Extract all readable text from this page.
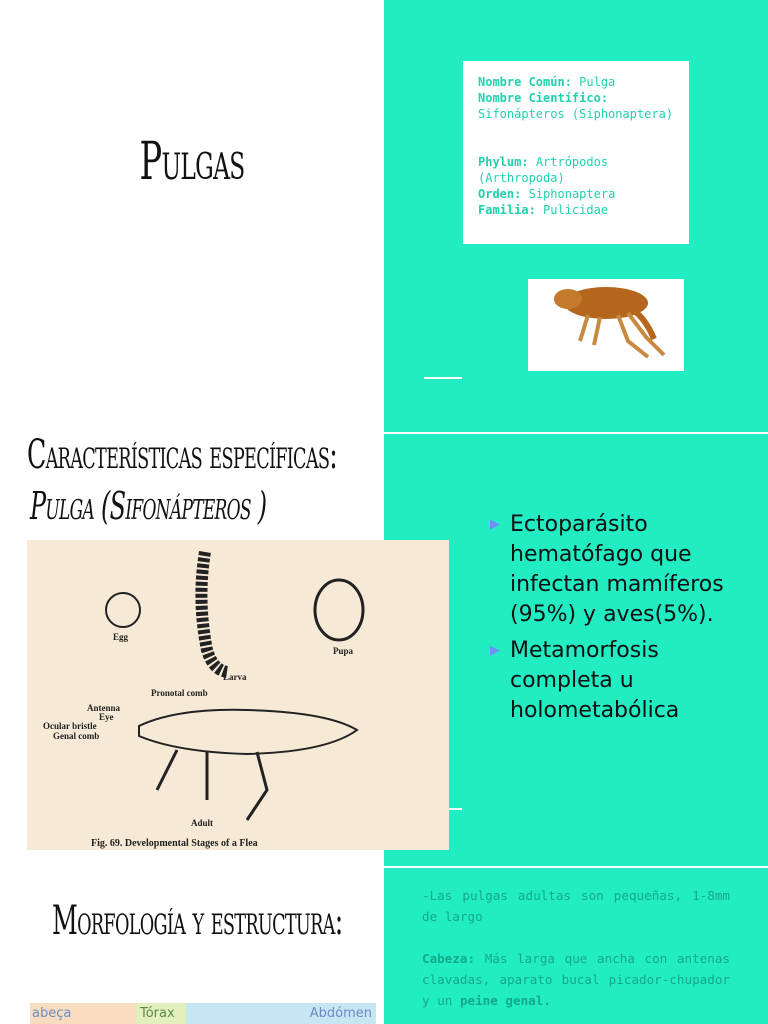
Pulgas
Nombre Común: Pulga
Nombre Científico: Sifonápteros (Siphonaptera)
Phylum: Artrópodos (Arthropoda)
Orden: Siphonaptera
Familia: Pulicidae
Características específicas:
Pulga (Sifonápteros )	▶ Ectoparásito hematófago que infectan mamíferos (95%) y aves(5%).
▶ Metamorfosis completa u holometabólica
Egg
Larva
Pupa
Pronotal comb
Antenna
Eye
Ocular bristle
Genal comb
Adult
Fig. 69. Developmental Stages of a Flea
Morfología y estructura:
abeça	Tórax	Abdómen
-Las pulgas adultas son pequeñas, 1-8mm de largo
Cabeza: Más larga que ancha con antenas clavadas, aparato bucal picador-chupador y un peine genal.
